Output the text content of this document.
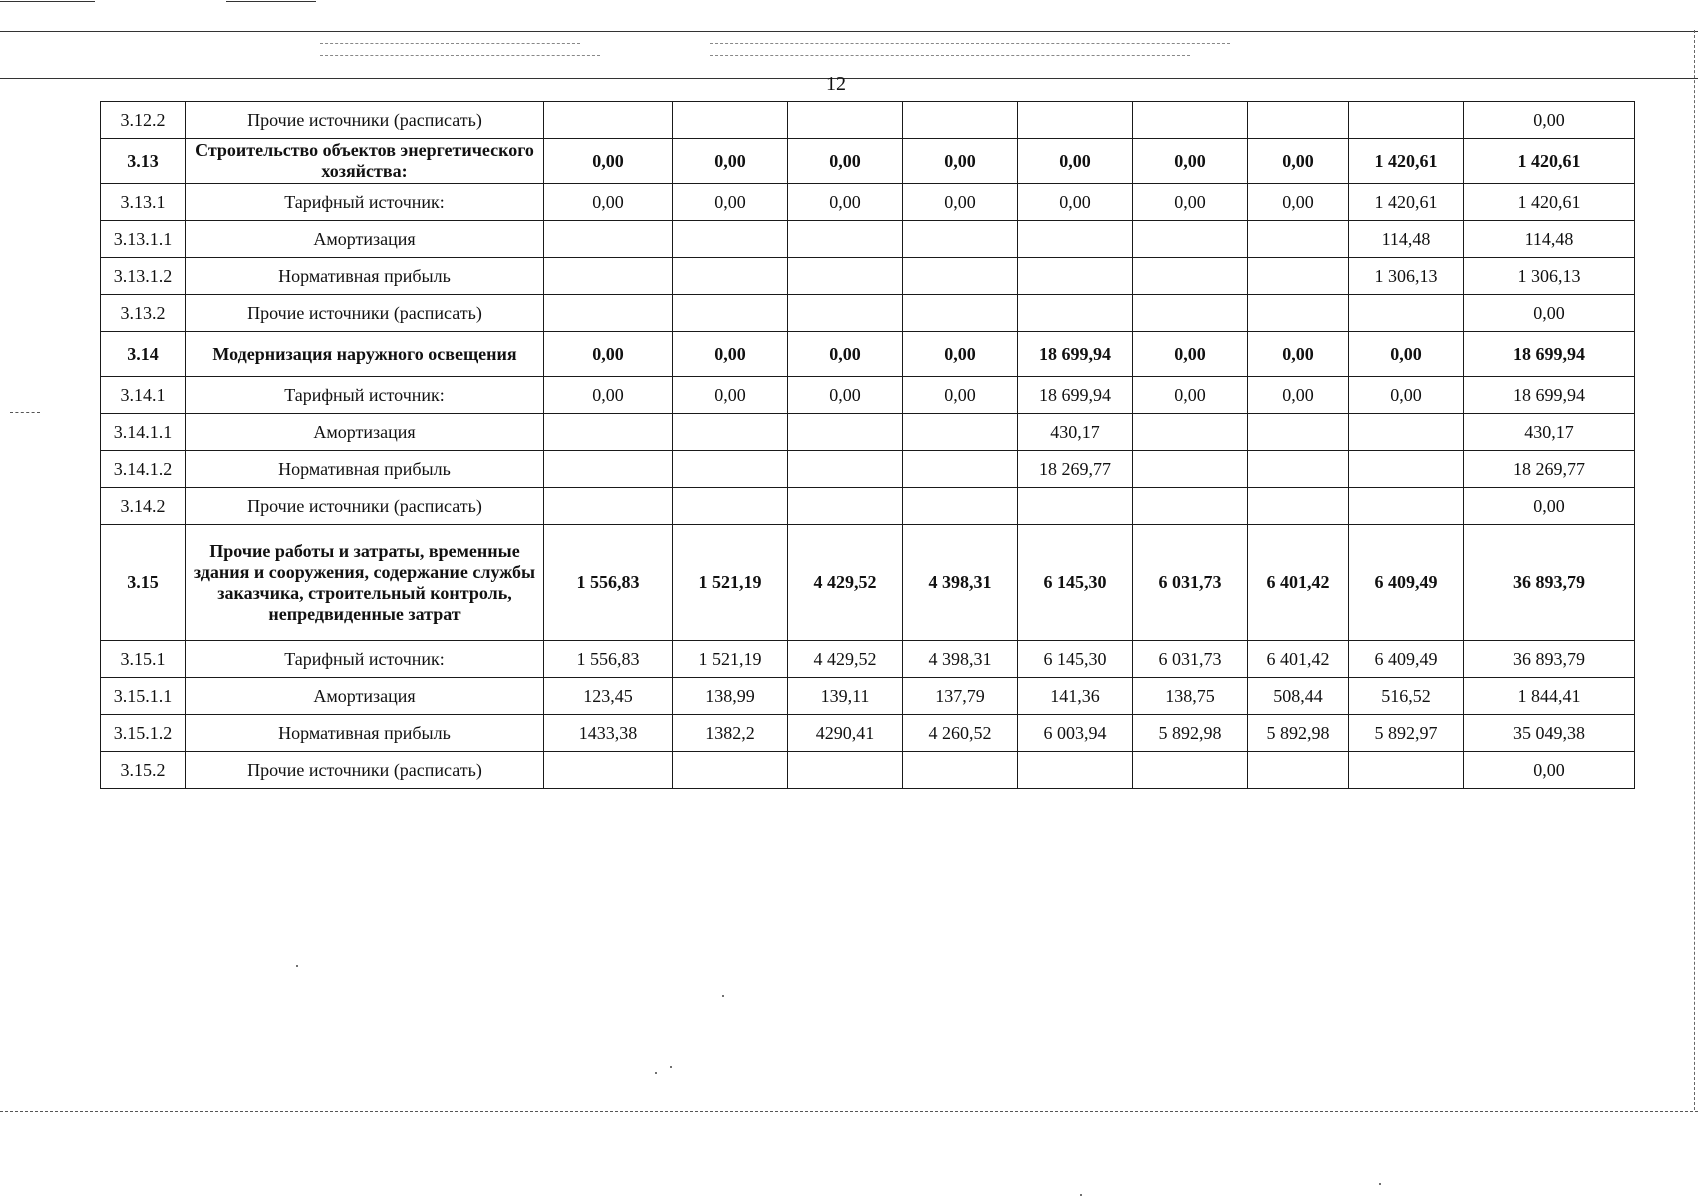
12
3.12.2	Прочие источники (расписать)									0,00
3.13	Строительство объектов энергетического хозяйства:	0,00	0,00	0,00	0,00	0,00	0,00	0,00	1 420,61	1 420,61
3.13.1	Тарифный источник:	0,00	0,00	0,00	0,00	0,00	0,00	0,00	1 420,61	1 420,61
3.13.1.1	Амортизация								114,48	114,48
3.13.1.2	Нормативная прибыль								1 306,13	1 306,13
3.13.2	Прочие источники (расписать)									0,00
3.14	Модернизация наружного освещения	0,00	0,00	0,00	0,00	18 699,94	0,00	0,00	0,00	18 699,94
3.14.1	Тарифный источник:	0,00	0,00	0,00	0,00	18 699,94	0,00	0,00	0,00	18 699,94
3.14.1.1	Амортизация					430,17				430,17
3.14.1.2	Нормативная прибыль					18 269,77				18 269,77
3.14.2	Прочие источники (расписать)									0,00
3.15	Прочие работы и затраты, временные здания и сооружения, содержание службы заказчика, строительный контроль, непредвиденные затрат	1 556,83	1 521,19	4 429,52	4 398,31	6 145,30	6 031,73	6 401,42	6 409,49	36 893,79
3.15.1	Тарифный источник:	1 556,83	1 521,19	4 429,52	4 398,31	6 145,30	6 031,73	6 401,42	6 409,49	36 893,79
3.15.1.1	Амортизация	123,45	138,99	139,11	137,79	141,36	138,75	508,44	516,52	1 844,41
3.15.1.2	Нормативная прибыль	1433,38	1382,2	4290,41	4 260,52	6 003,94	5 892,98	5 892,98	5 892,97	35 049,38
3.15.2	Прочие источники (расписать)									0,00
